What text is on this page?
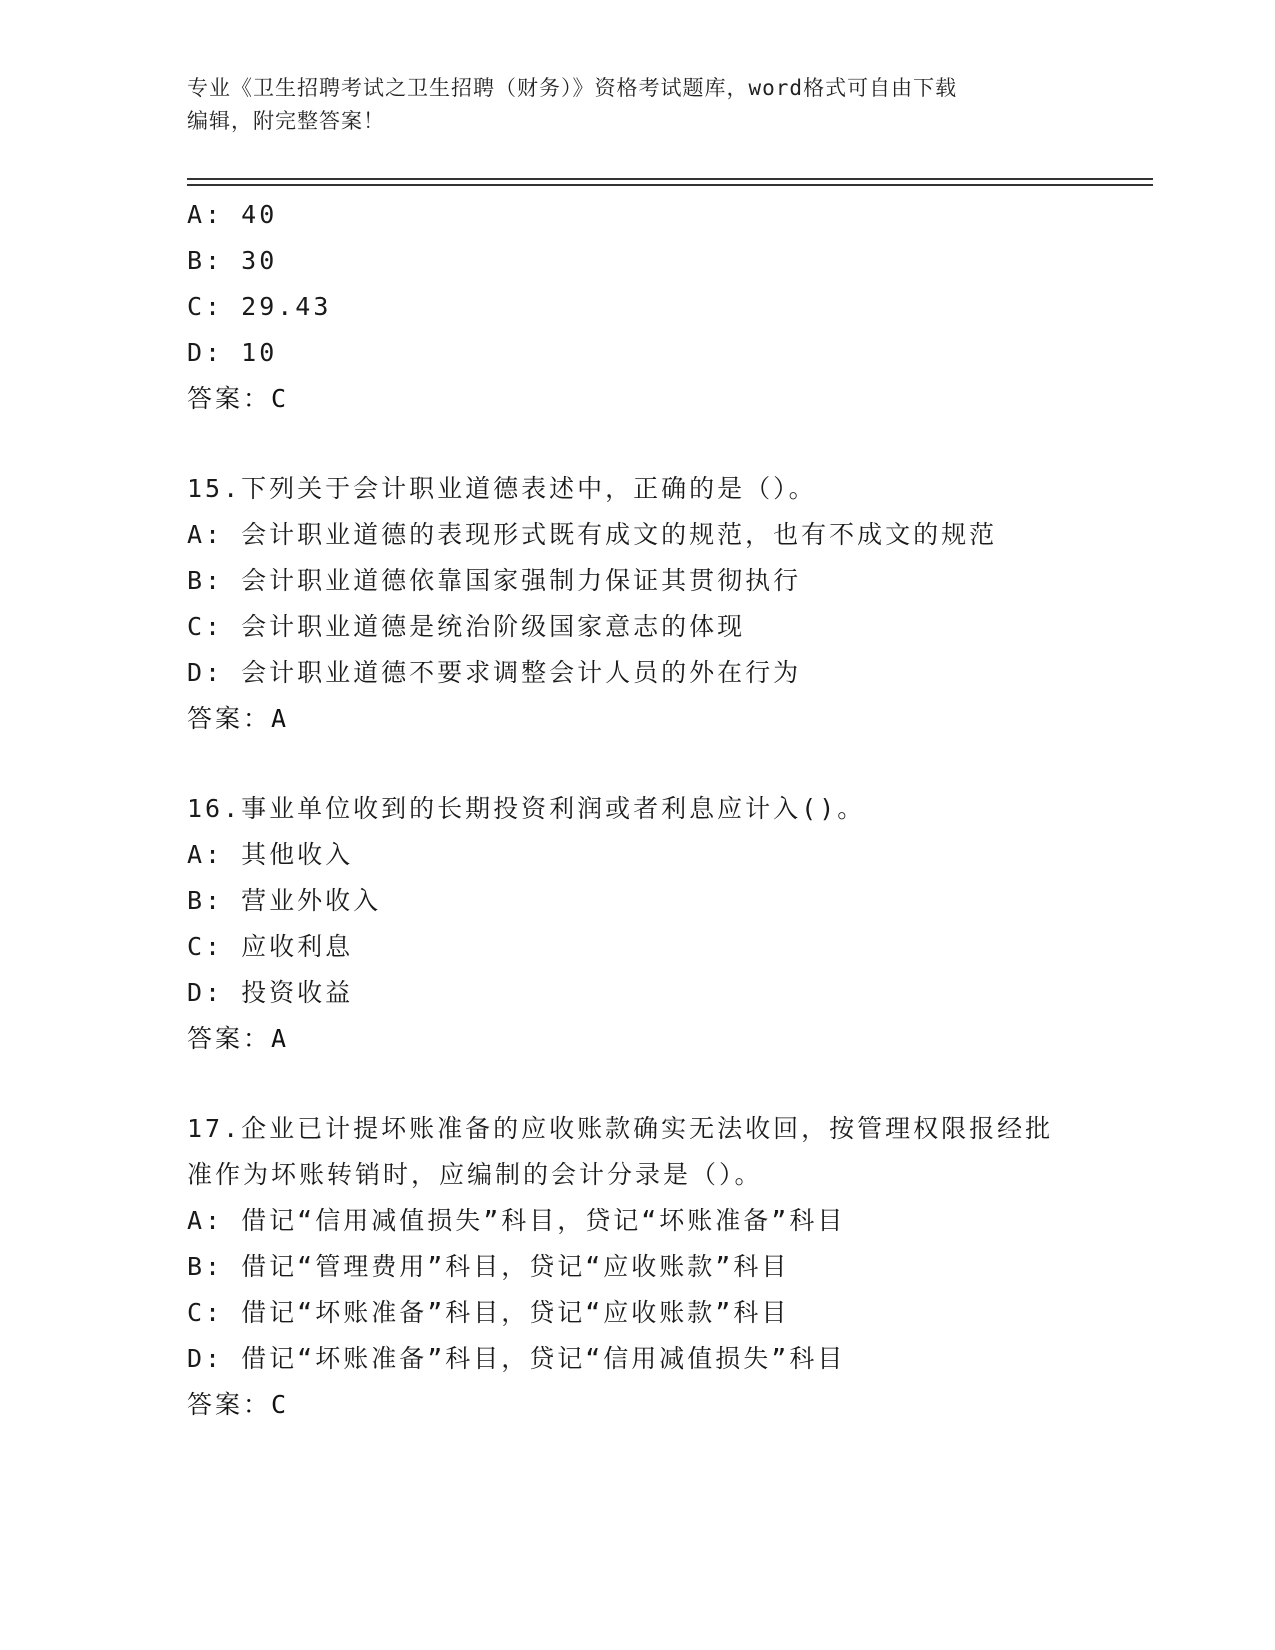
专业《卫生招聘考试之卫生招聘（财务）》资格考试题库，word格式可自由下载
编辑，附完整答案！
A: 40
B: 30
C: 29.43
D: 10
答案：C
15.下列关于会计职业道德表述中，正确的是（）。
A: 会计职业道德的表现形式既有成文的规范，也有不成文的规范
B: 会计职业道德依靠国家强制力保证其贯彻执行
C: 会计职业道德是统治阶级国家意志的体现
D: 会计职业道德不要求调整会计人员的外在行为
答案：A
16.事业单位收到的长期投资利润或者利息应计入()。
A: 其他收入
B: 营业外收入
C: 应收利息
D: 投资收益
答案：A
17.企业已计提坏账准备的应收账款确实无法收回，按管理权限报经批
准作为坏账转销时，应编制的会计分录是（）。
A: 借记“信用减值损失”科目，贷记“坏账准备”科目
B: 借记“管理费用”科目，贷记“应收账款”科目
C: 借记“坏账准备”科目，贷记“应收账款”科目
D: 借记“坏账准备”科目，贷记“信用减值损失”科目
答案：C
